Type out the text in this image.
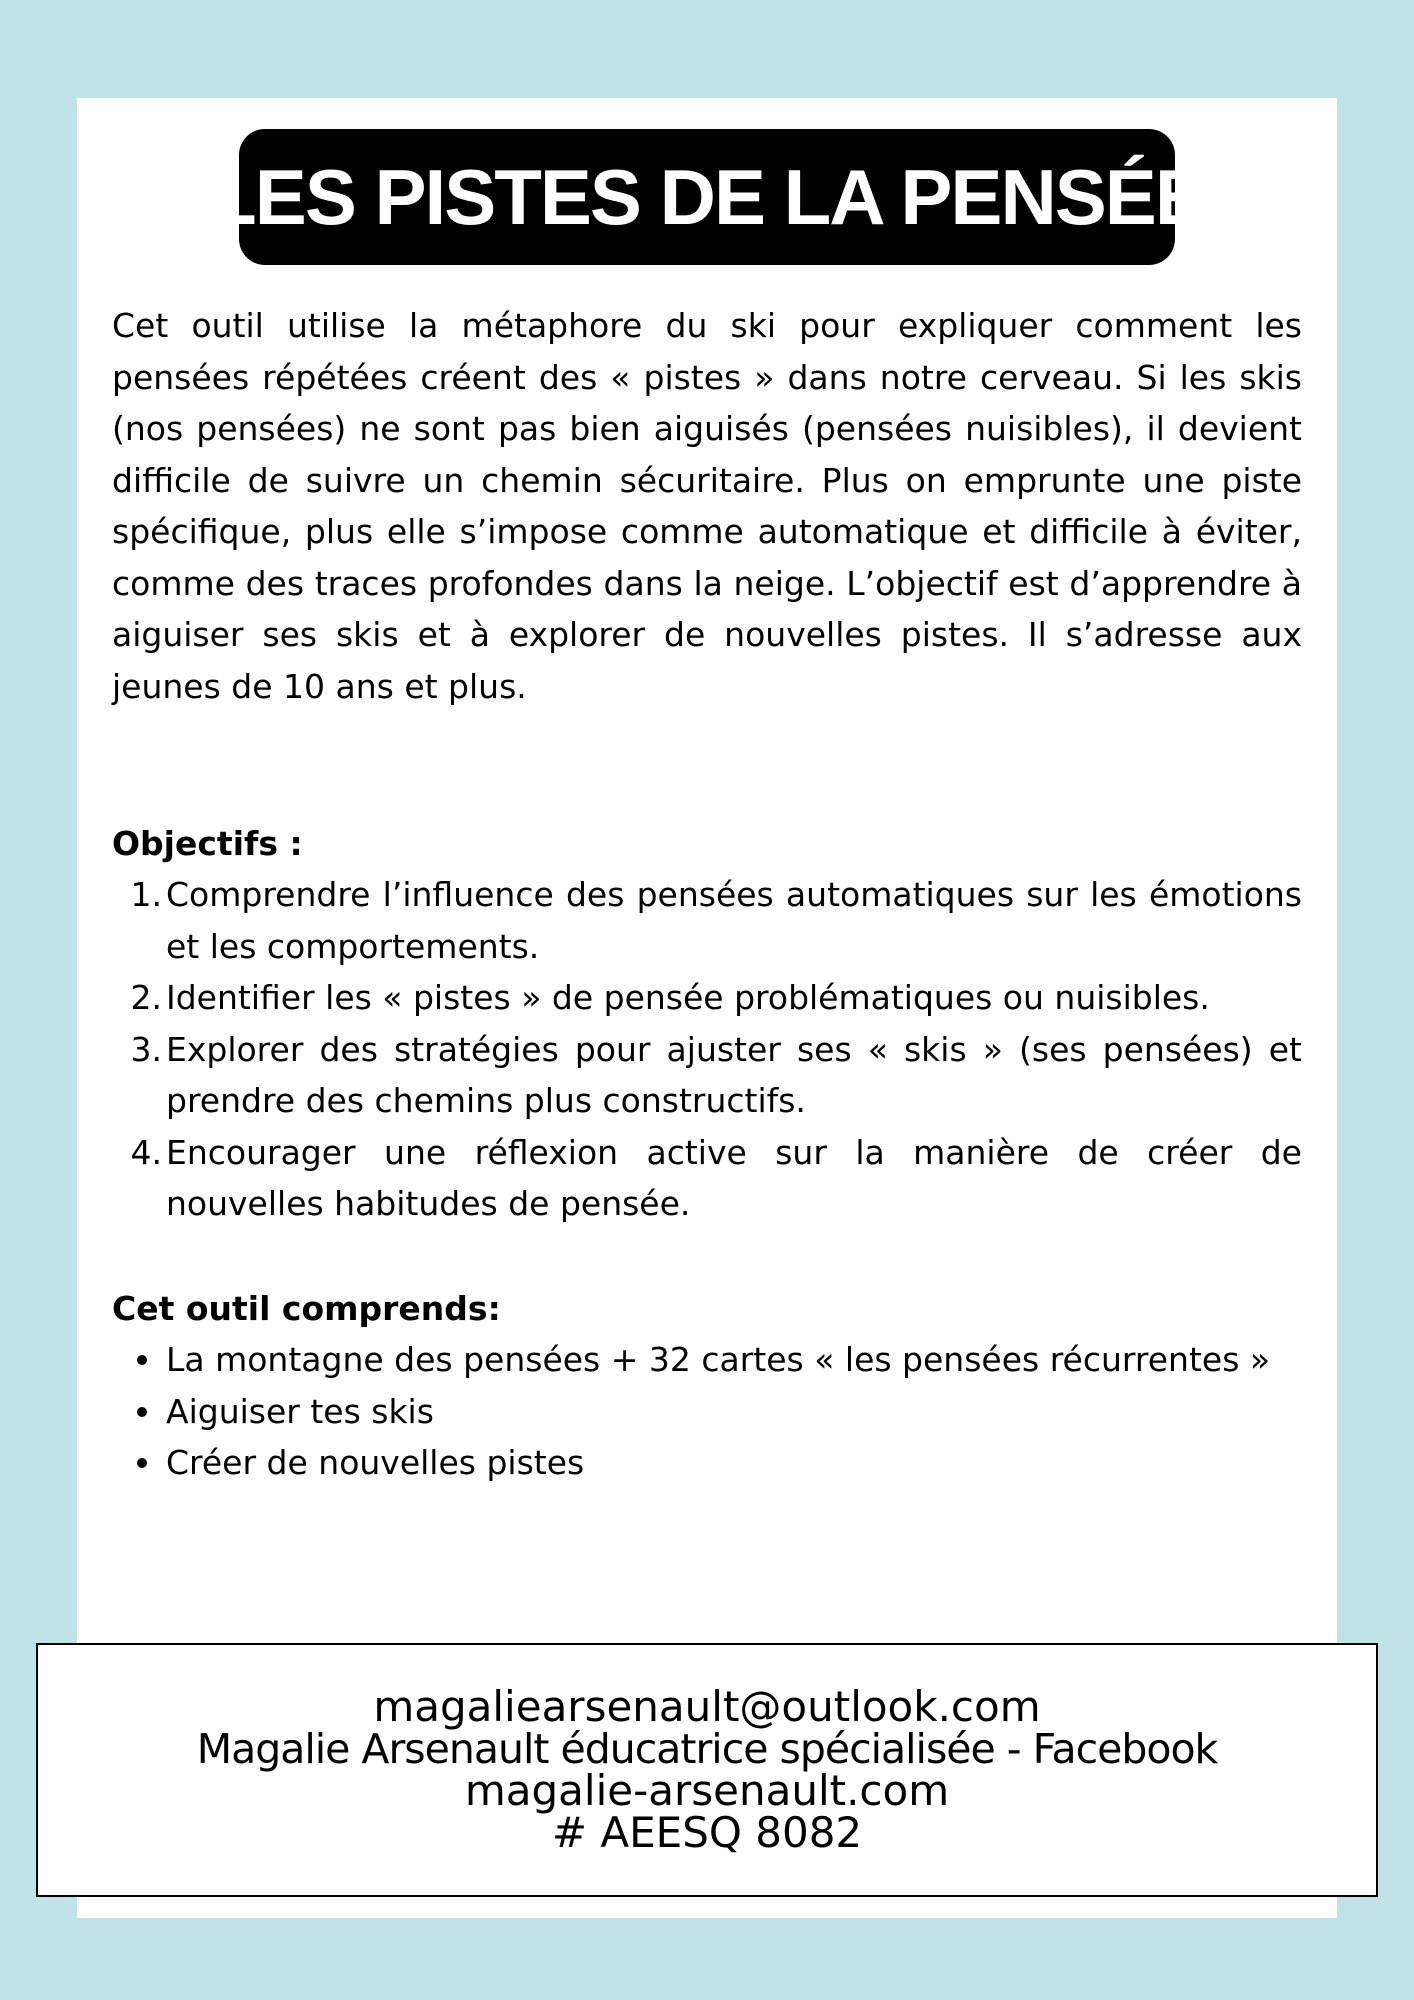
LES PISTES DE LA PENSÉE

Cet outil utilise la métaphore du ski pour expliquer comment les pensées répétées créent des « pistes » dans notre cerveau. Si les skis (nos pensées) ne sont pas bien aiguisés (pensées nuisibles), il devient difficile de suivre un chemin sécuritaire. Plus on emprunte une piste spécifique, plus elle s’impose comme automatique et difficile à éviter, comme des traces profondes dans la neige. L’objectif est d’apprendre à aiguiser ses skis et à explorer de nouvelles pistes. Il s’adresse aux jeunes de 10 ans et plus.

Objectifs :
1. Comprendre l’influence des pensées automatiques sur les émotions et les comportements.
2. Identifier les « pistes » de pensée problématiques ou nuisibles.
3. Explorer des stratégies pour ajuster ses « skis » (ses pensées) et prendre des chemins plus constructifs.
4. Encourager une réflexion active sur la manière de créer de nouvelles habitudes de pensée.
Cet outil comprends:
La montagne des pensées + 32 cartes « les pensées récurrentes »
Aiguiser tes skis
Créer de nouvelles pistes
magaliearsenault@outlook.com
Magalie Arsenault éducatrice spécialisée - Facebook
magalie-arsenault.com
# AEESQ 8082
